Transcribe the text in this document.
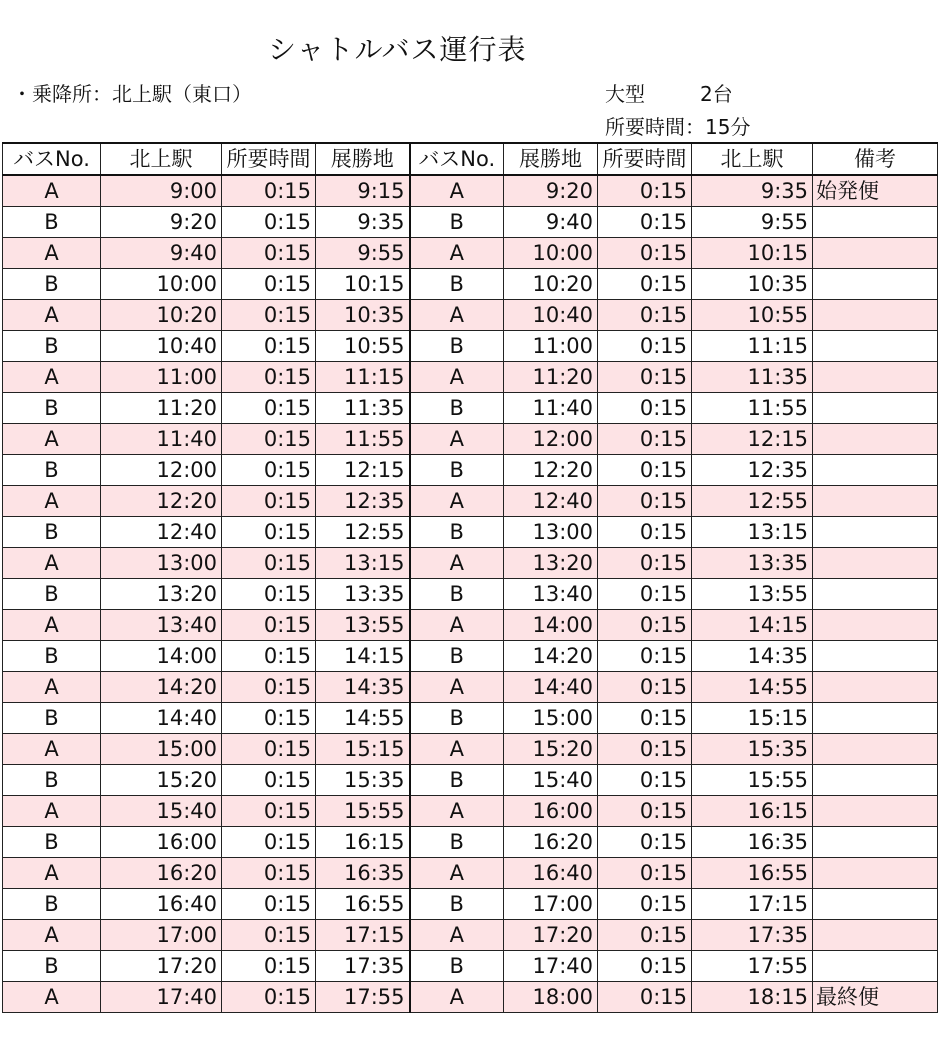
シャトルバス運行表
・乗降所：北上駅（東口）	大型	2台
所要時間：15分
バスNo.	北上駅	所要時間	展勝地	バスNo.	展勝地	所要時間	北上駅	備考
A	9:00	0:15	9:15	A	9:20	0:15	9:35	始発便
B	9:20	0:15	9:35	B	9:40	0:15	9:55	
A	9:40	0:15	9:55	A	10:00	0:15	10:15	
B	10:00	0:15	10:15	B	10:20	0:15	10:35	
A	10:20	0:15	10:35	A	10:40	0:15	10:55	
B	10:40	0:15	10:55	B	11:00	0:15	11:15	
A	11:00	0:15	11:15	A	11:20	0:15	11:35	
B	11:20	0:15	11:35	B	11:40	0:15	11:55	
A	11:40	0:15	11:55	A	12:00	0:15	12:15	
B	12:00	0:15	12:15	B	12:20	0:15	12:35	
A	12:20	0:15	12:35	A	12:40	0:15	12:55	
B	12:40	0:15	12:55	B	13:00	0:15	13:15	
A	13:00	0:15	13:15	A	13:20	0:15	13:35	
B	13:20	0:15	13:35	B	13:40	0:15	13:55	
A	13:40	0:15	13:55	A	14:00	0:15	14:15	
B	14:00	0:15	14:15	B	14:20	0:15	14:35	
A	14:20	0:15	14:35	A	14:40	0:15	14:55	
B	14:40	0:15	14:55	B	15:00	0:15	15:15	
A	15:00	0:15	15:15	A	15:20	0:15	15:35	
B	15:20	0:15	15:35	B	15:40	0:15	15:55	
A	15:40	0:15	15:55	A	16:00	0:15	16:15	
B	16:00	0:15	16:15	B	16:20	0:15	16:35	
A	16:20	0:15	16:35	A	16:40	0:15	16:55	
B	16:40	0:15	16:55	B	17:00	0:15	17:15	
A	17:00	0:15	17:15	A	17:20	0:15	17:35	
B	17:20	0:15	17:35	B	17:40	0:15	17:55	
A	17:40	0:15	17:55	A	18:00	0:15	18:15	最終便
